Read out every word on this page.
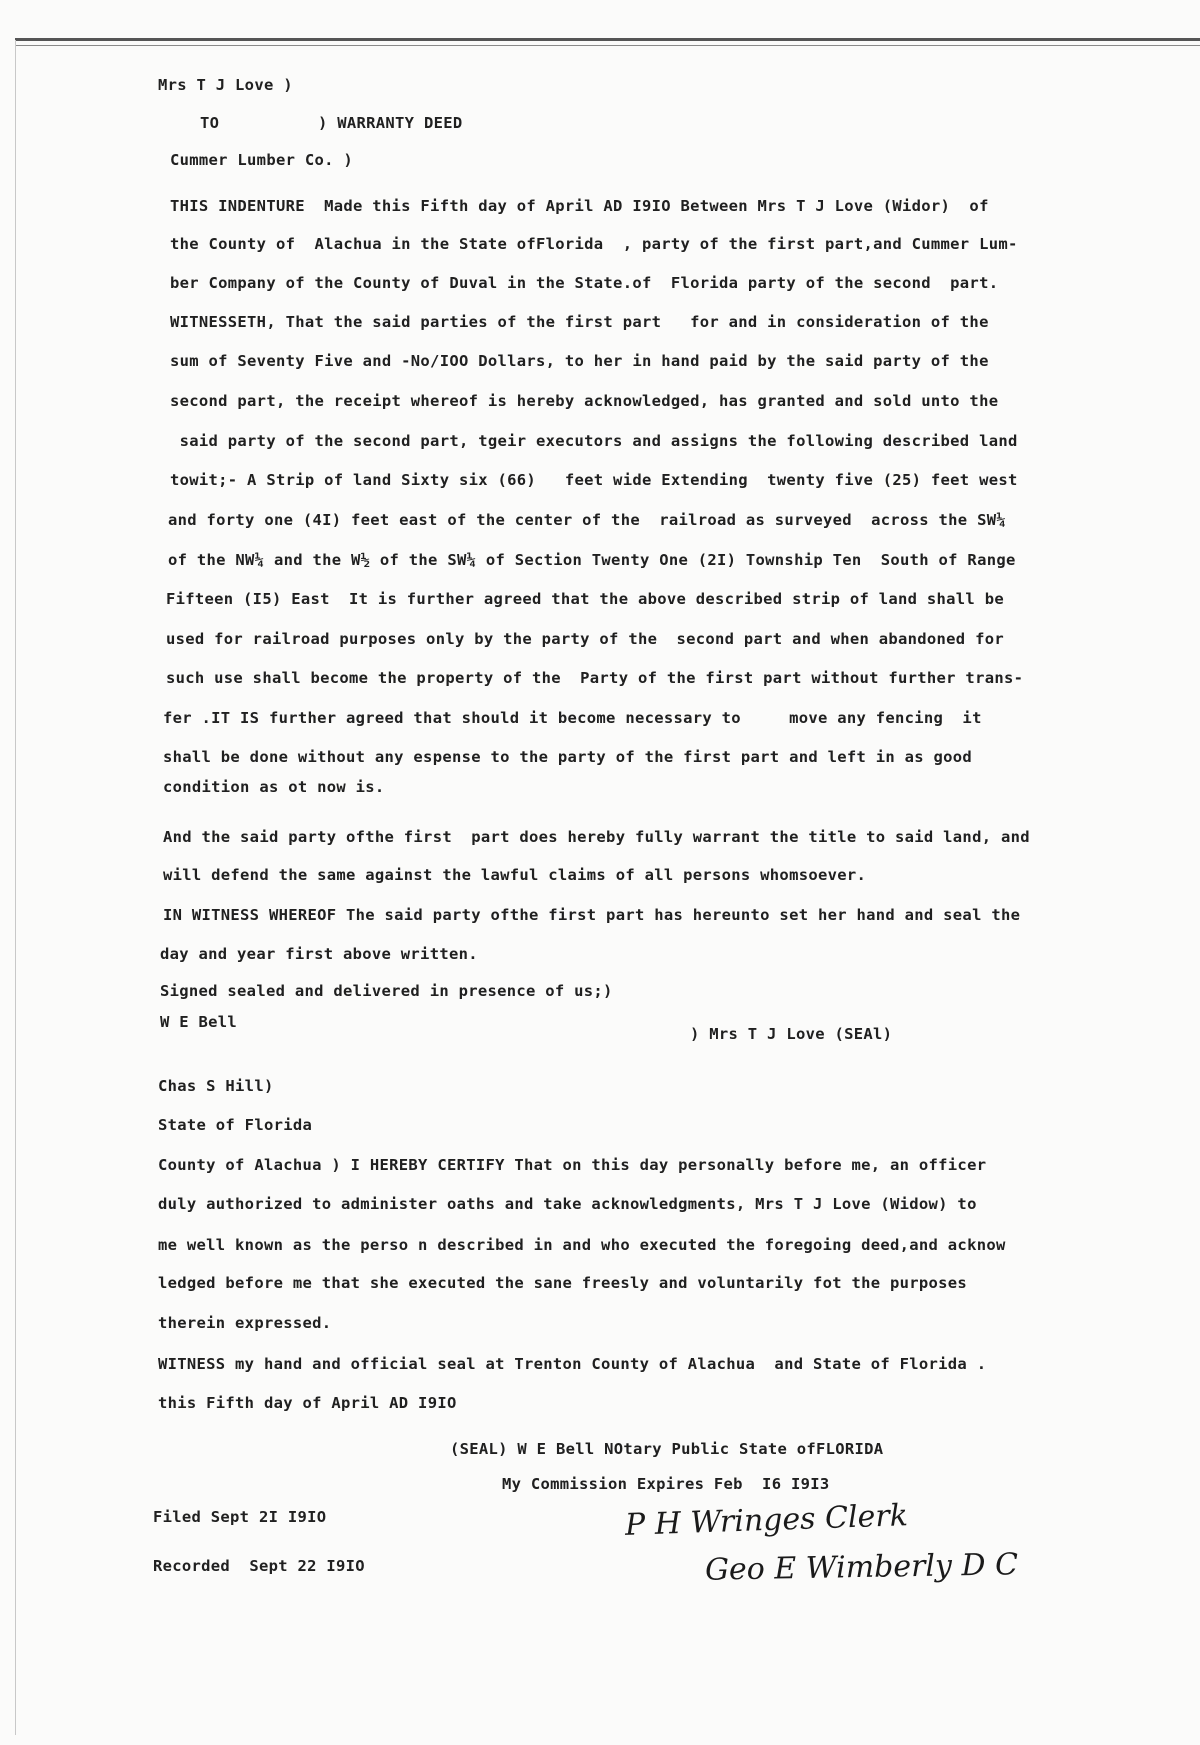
Mrs T J Love )

TO	) WARRANTY DEED

Cummer Lumber Co. )

THIS INDENTURE  Made this Fifth day of April AD I9IO Between Mrs T J Love (Widor)  of

the County of  Alachua in the State ofFlorida  , party of the first part,and Cummer Lum-

ber Company of the County of Duval in the State.of  Florida party of the second  part.

WITNESSETH, That the said parties of the first part   for and in consideration of the

sum of Seventy Five and -No/IOO Dollars, to her in hand paid by the said party of the

second part, the receipt whereof is hereby acknowledged, has granted and sold unto the

said party of the second part, tgeir executors and assigns the following described land

towit;- A Strip of land Sixty six (66)   feet wide Extending  twenty five (25) feet west

and forty one (4I) feet east of the center of the  railroad as surveyed  across the SW¼

of the NW¼ and the W½ of the SW¼ of Section Twenty One (2I) Township Ten  South of Range

Fifteen (I5) East  It is further agreed that the above described strip of land shall be

used for railroad purposes only by the party of the  second part and when abandoned for

such use shall become the property of the  Party of the first part without further trans-

fer .IT IS further agreed that should it become necessary to     move any fencing  it

shall be done without any espense to the party of the first part and left in as good

condition as ot now is.

And the said party ofthe first  part does hereby fully warrant the title to said land, and

will defend the same against the lawful claims of all persons whomsoever.

IN WITNESS WHEREOF The said party ofthe first part has hereunto set her hand and seal the

day and year first above written.

Signed sealed and delivered in presence of us;)

W E Bell

) Mrs T J Love (SEAl)

Chas S Hill)

State of Florida

County of Alachua ) I HEREBY CERTIFY That on this day personally before me, an officer

duly authorized to administer oaths and take acknowledgments, Mrs T J Love (Widow) to

me well known as the perso n described in and who executed the foregoing deed,and acknow

ledged before me that she executed the sane freesly and voluntarily fot the purposes

therein expressed.

WITNESS my hand and official seal at Trenton County of Alachua  and State of Florida .

this Fifth day of April AD I9IO

(SEAL) W E Bell NOtary Public State ofFLORIDA

My Commission Expires Feb  I6 I9I3

Filed Sept 2I I9IO

Recorded  Sept 22 I9IO

P H Wringes Clerk

Geo E Wimberly D C
